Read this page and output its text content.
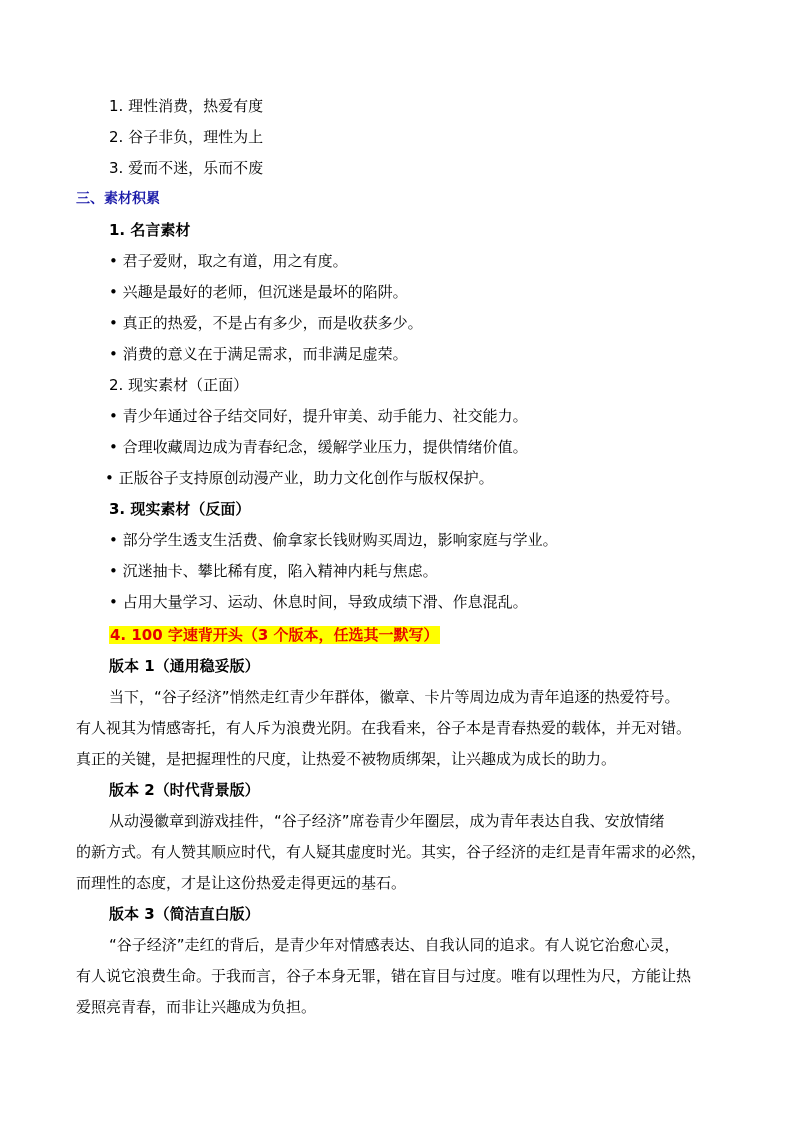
1. 理性消费，热爱有度
2. 谷子非负，理性为上
3. 爱而不迷，乐而不废
三、素材积累
1. 名言素材
• 君子爱财，取之有道，用之有度。
• 兴趣是最好的老师，但沉迷是最坏的陷阱。
• 真正的热爱，不是占有多少，而是收获多少。
• 消费的意义在于满足需求，而非满足虚荣。
2. 现实素材（正面）
• 青少年通过谷子结交同好，提升审美、动手能力、社交能力。
• 合理收藏周边成为青春纪念，缓解学业压力，提供情绪价值。
• 正版谷子支持原创动漫产业，助力文化创作与版权保护。
3. 现实素材（反面）
• 部分学生透支生活费、偷拿家长钱财购买周边，影响家庭与学业。
• 沉迷抽卡、攀比稀有度，陷入精神内耗与焦虑。
• 占用大量学习、运动、休息时间，导致成绩下滑、作息混乱。
4. 100 字速背开头（3 个版本，任选其一默写）
版本 1（通用稳妥版）
当下，“谷子经济”悄然走红青少年群体，徽章、卡片等周边成为青年追逐的热爱符号。
有人视其为情感寄托，有人斥为浪费光阴。在我看来，谷子本是青春热爱的载体，并无对错。
真正的关键，是把握理性的尺度，让热爱不被物质绑架，让兴趣成为成长的助力。
版本 2（时代背景版）
从动漫徽章到游戏挂件，“谷子经济”席卷青少年圈层，成为青年表达自我、安放情绪
的新方式。有人赞其顺应时代，有人疑其虚度时光。其实，谷子经济的走红是青年需求的必然，
而理性的态度，才是让这份热爱走得更远的基石。
版本 3（简洁直白版）
“谷子经济”走红的背后，是青少年对情感表达、自我认同的追求。有人说它治愈心灵，
有人说它浪费生命。于我而言，谷子本身无罪，错在盲目与过度。唯有以理性为尺，方能让热
爱照亮青春，而非让兴趣成为负担。
